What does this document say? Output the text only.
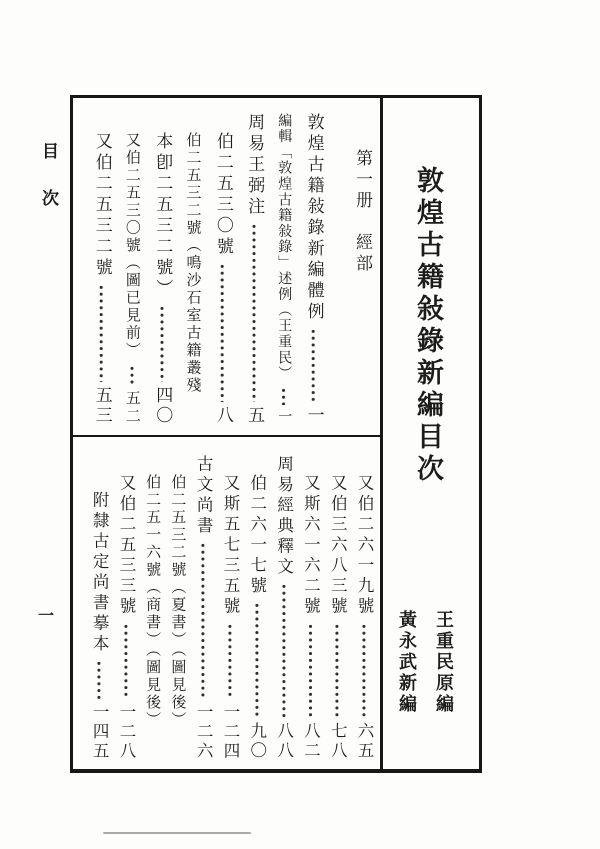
目次
一
第一册　經部
敦煌古籍敍錄新編體例
一
編輯「敦煌古籍敍錄」述例（王重民）
一
周易王弼注
五
伯二五三〇號
八
伯二五三二號（鳴沙石室古籍叢殘
本卽二五三二號）
四〇
又伯二五三〇號（圖已見前）
五二
又伯二五三二號
五三
又伯二六一九號
六五
又伯三六八三號
七八
又斯六一六二號
八二
周易經典釋文
八八
伯二六一七號
九〇
又斯五七三五號
一二四
古文尚書
一二六
伯二五三二號（夏書）（圖見後）
伯二五一六號（商書）（圖見後）
又伯二五三三號
一二八
附隸古定尚書摹本
一四五
敦煌古籍敍錄新編目次
王重民原編
黃永武新編
